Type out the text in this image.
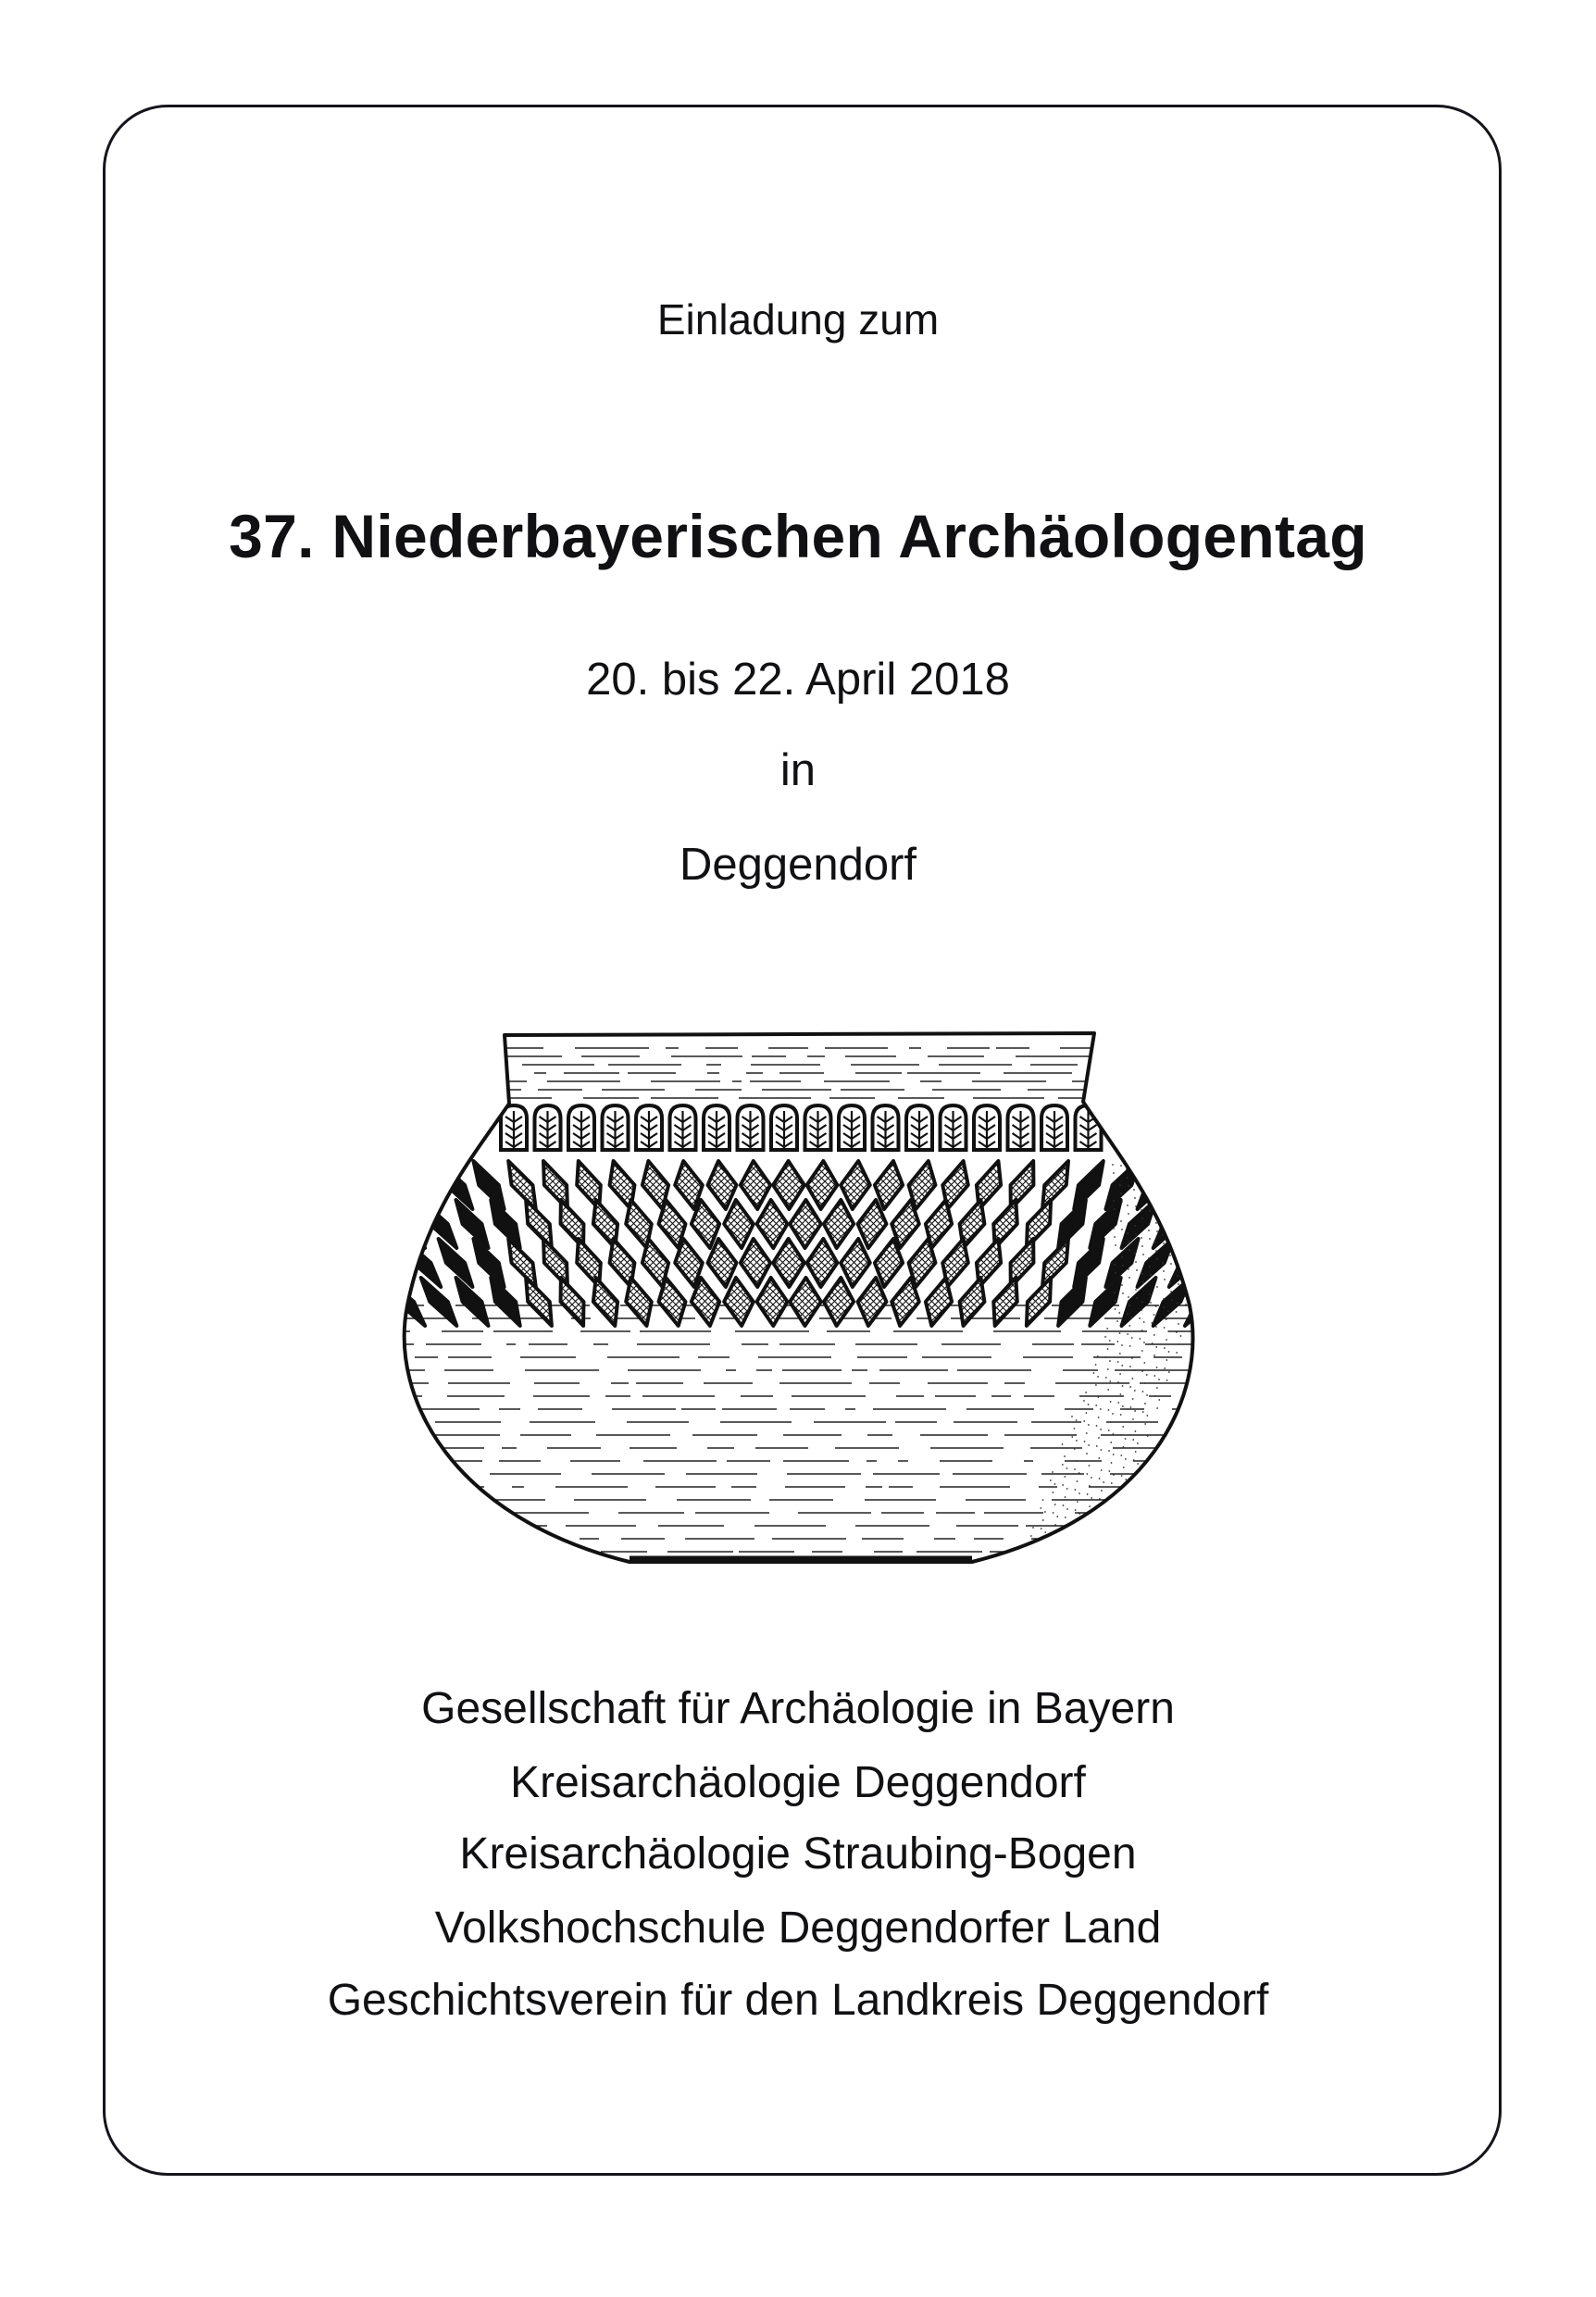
Einladung zum
37. Niederbayerischen Archäologentag
20. bis 22. April 2018
in
Deggendorf
Gesellschaft für Archäologie in Bayern
Kreisarchäologie Deggendorf
Kreisarchäologie Straubing-Bogen
Volkshochschule Deggendorfer Land
Geschichtsverein für den Landkreis Deggendorf
